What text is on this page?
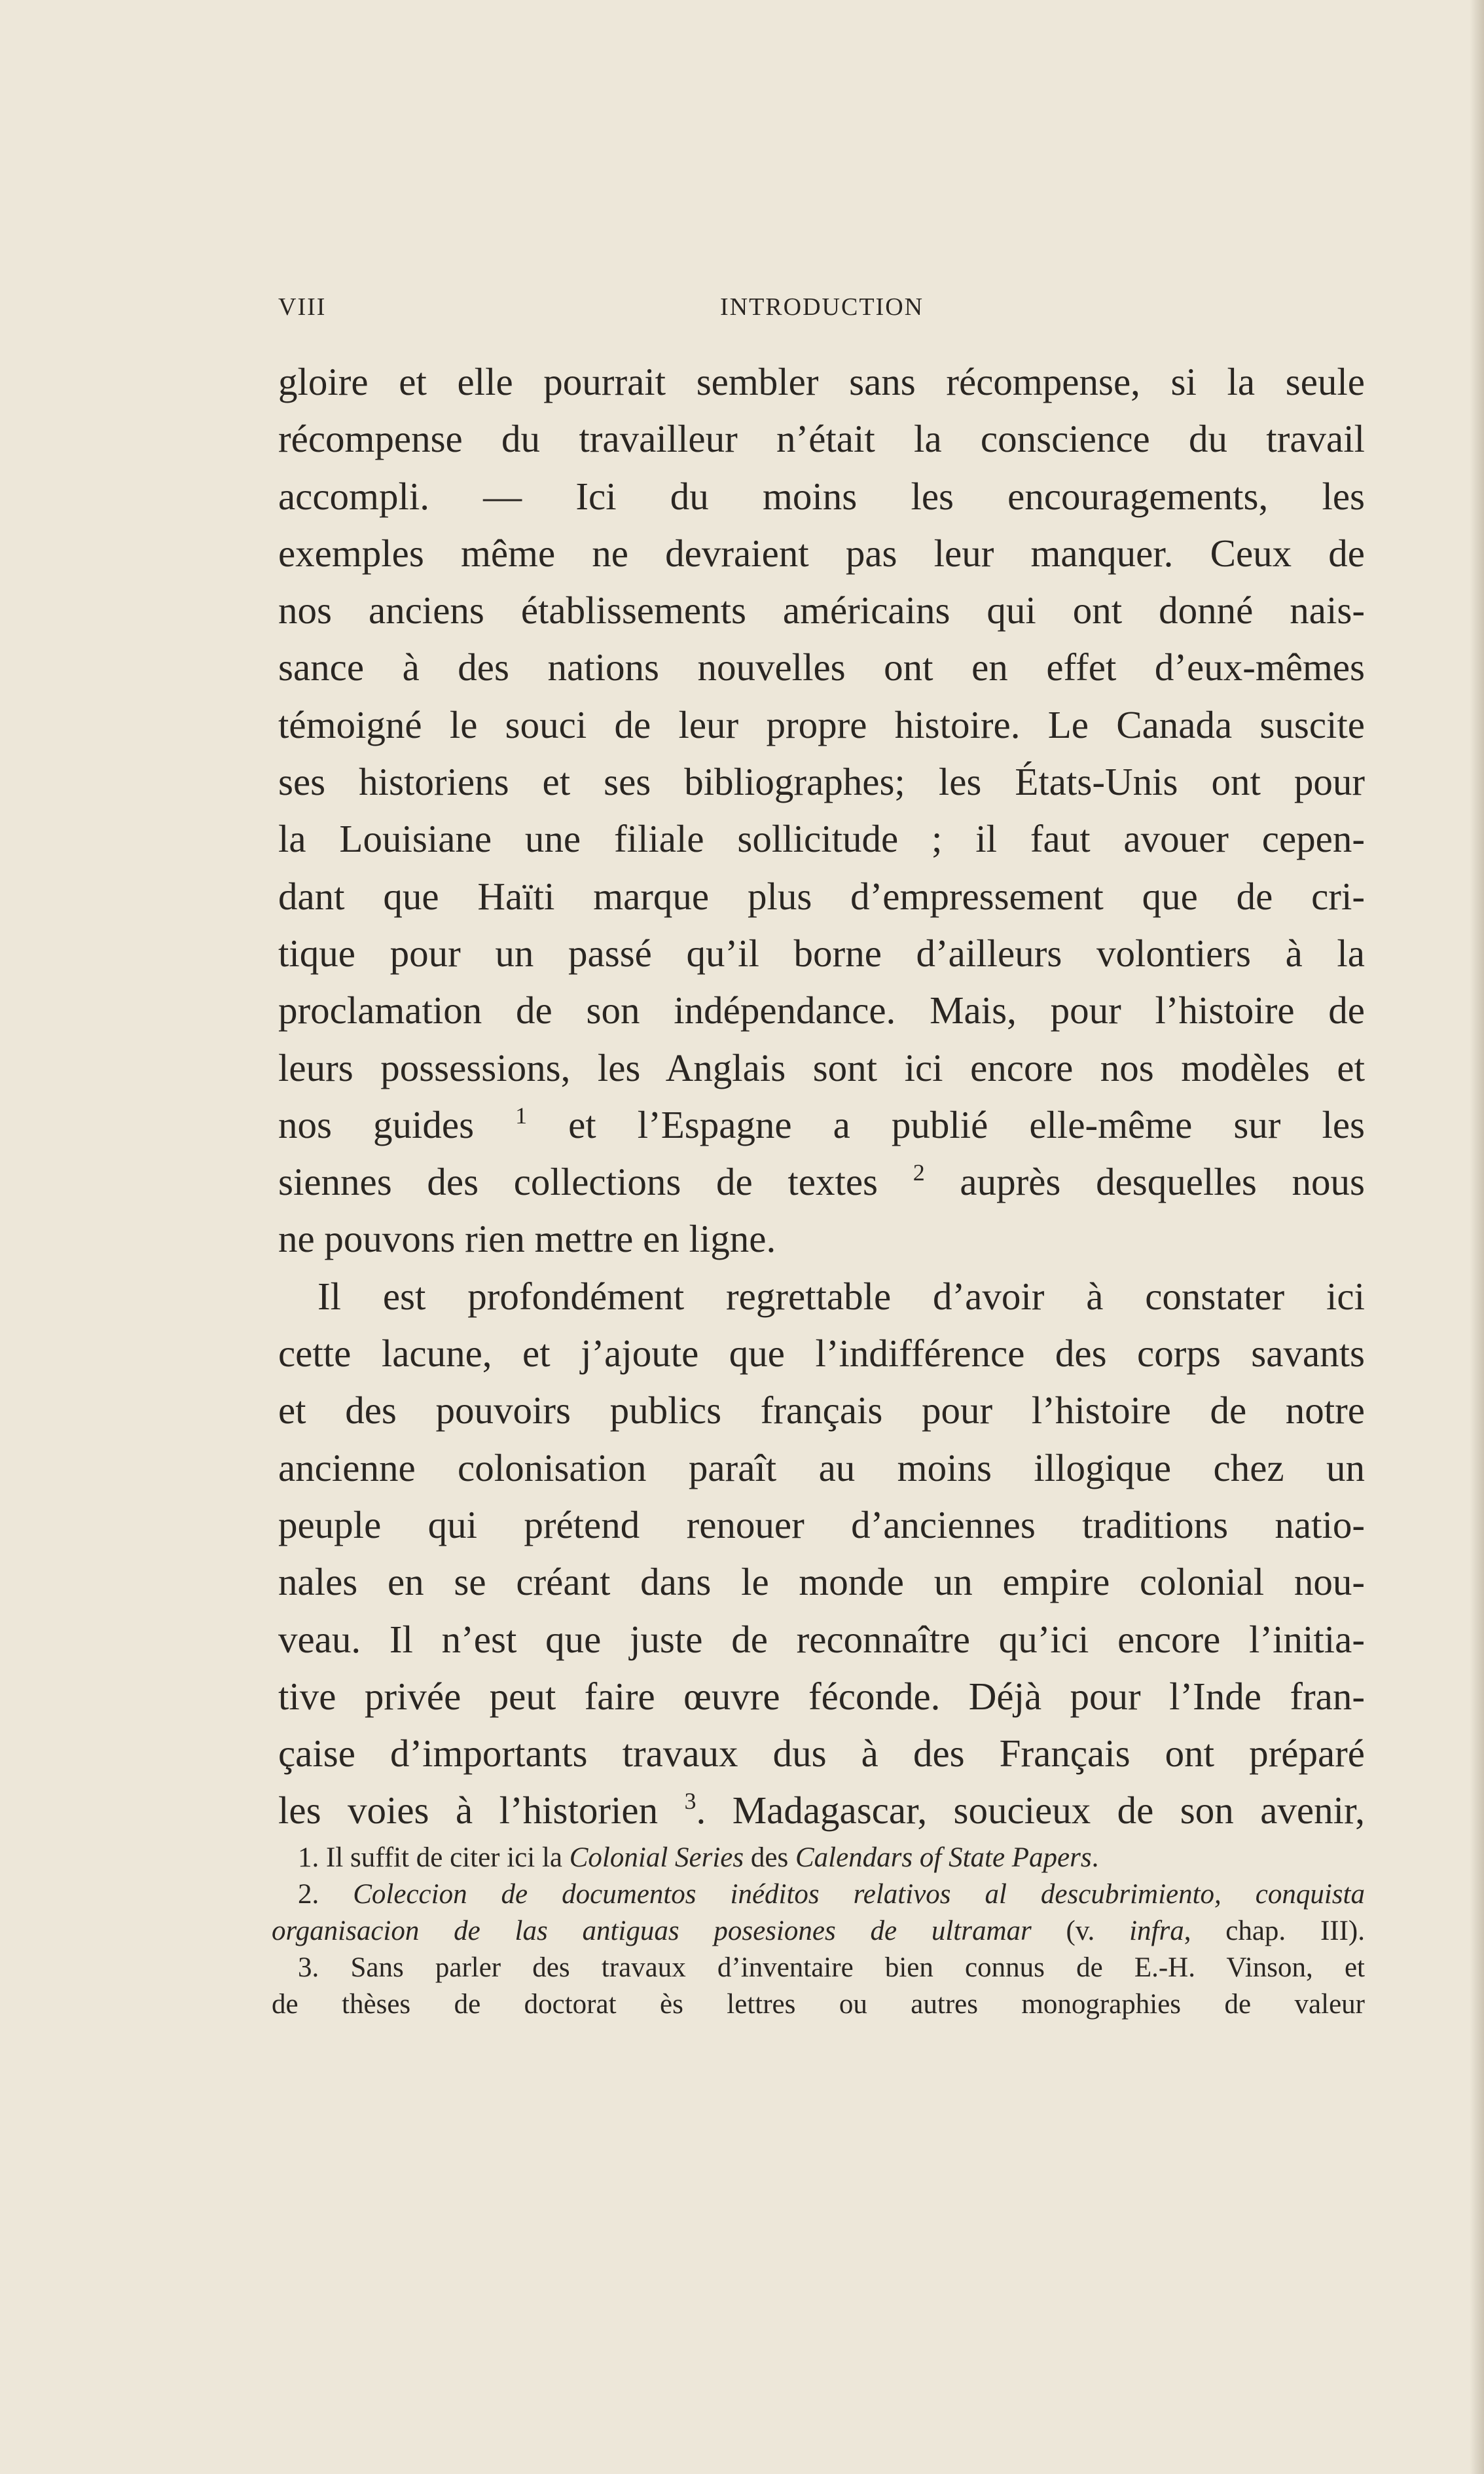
VIII	INTRODUCTION
gloire et elle pourrait sembler sans récompense, si la seule
récompense du travailleur n’était la conscience du travail
accompli. — Ici du moins les encouragements, les
exemples même ne devraient pas leur manquer. Ceux de
nos anciens établissements américains qui ont donné nais-
sance à des nations nouvelles ont en effet d’eux-mêmes
témoigné le souci de leur propre histoire. Le Canada suscite
ses historiens et ses bibliographes; les États-Unis ont pour
la Louisiane une filiale sollicitude ; il faut avouer cepen-
dant que Haïti marque plus d’empressement que de cri-
tique pour un passé qu’il borne d’ailleurs volontiers à la
proclamation de son indépendance. Mais, pour l’histoire de
leurs possessions, les Anglais sont ici encore nos modèles et
nos guides $^1$ et l’Espagne a publié elle-même sur les
siennes des collections de textes $^2$ auprès desquelles nous
ne pouvons rien mettre en ligne.
Il est profondément regrettable d’avoir à constater ici
cette lacune, et j’ajoute que l’indifférence des corps savants
et des pouvoirs publics français pour l’histoire de notre
ancienne colonisation paraît au moins illogique chez un
peuple qui prétend renouer d’anciennes traditions natio-
nales en se créant dans le monde un empire colonial nou-
veau. Il n’est que juste de reconnaître qu’ici encore l’initia-
tive privée peut faire œuvre féconde. Déjà pour l’Inde fran-
çaise d’importants travaux dus à des Français ont préparé
les voies à l’historien $^3$. Madagascar, soucieux de son avenir,
1. Il suffit de citer ici la Colonial Series des Calendars of State Papers.
2. Coleccion de documentos inéditos relativos al descubrimiento, conquista
organisacion de las antiguas posesiones de ultramar (v. infra, chap. III).
3. Sans parler des travaux d’inventaire bien connus de E.-H. Vinson, et
de thèses de doctorat ès lettres ou autres monographies de valeur
